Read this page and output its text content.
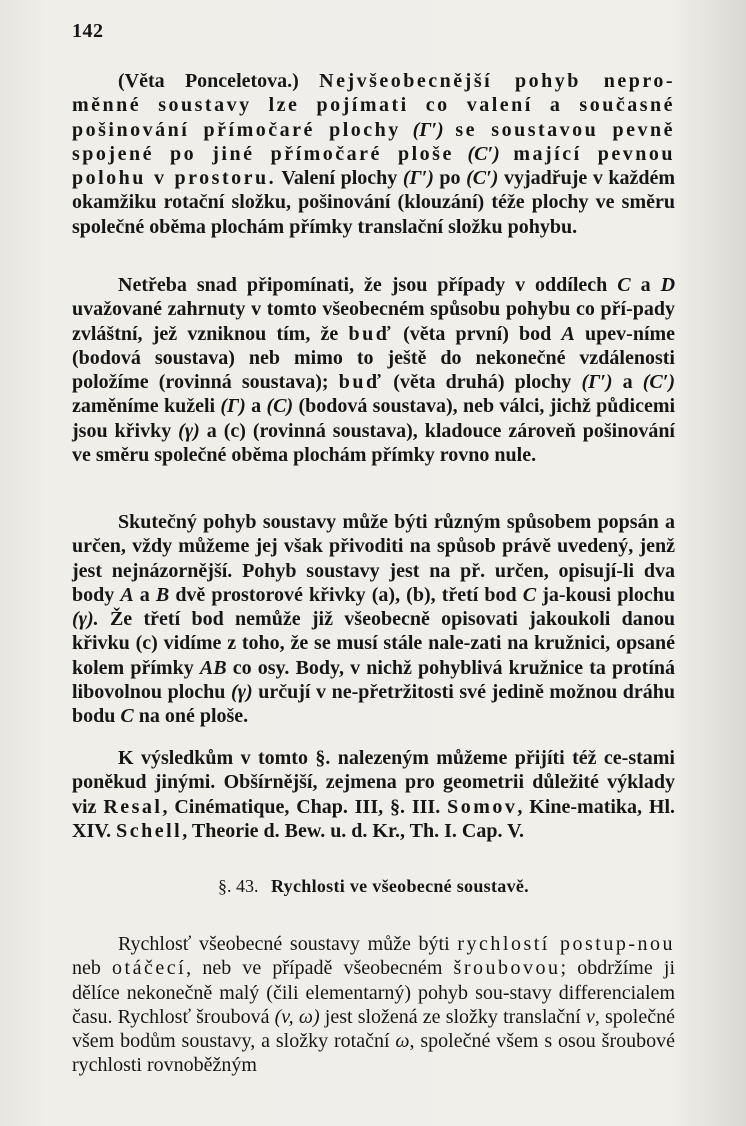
142

(Věta Ponceletova.) Nejvšeobecnější pohyb nepro-měnné soustavy lze pojímati co valení a současné pošinování přímočaré plochy (Γ′) se soustavou pevně spojené po jiné přímočaré ploše (C′) mající pevnou polohu v prostoru. Valení plochy (Γ′) po (C′) vyjadřuje v každém okamžiku rotační složku, pošinování (klouzání) téže plochy ve směru společné oběma plochám přímky translační složku pohybu.

Netřeba snad připomínati, že jsou případy v oddílech C a D uvažované zahrnuty v tomto všeobecném spůsobu pohybu co pří-pady zvláštní, jež vzniknou tím, že buď (věta první) bod A upev-níme (bodová soustava) neb mimo to ještě do nekonečné vzdálenosti položíme (rovinná soustava); buď (věta druhá) plochy (Γ′) a (C′) zaměníme kuželi (Γ) a (C) (bodová soustava), neb válci, jichž půdicemi jsou křivky (γ) a (c) (rovinná soustava), kladouce zároveň pošinování ve směru společné oběma plochám přímky rovno nule.

Skutečný pohyb soustavy může býti různým spůsobem popsán a určen, vždy můžeme jej však přivoditi na spůsob právě uvedený, jenž jest nejnázornější. Pohyb soustavy jest na př. určen, opisují-li dva body A a B dvě prostorové křivky (a), (b), třetí bod C ja-kousi plochu (γ). Že třetí bod nemůže již všeobecně opisovati jakoukoli danou křivku (c) vidíme z toho, že se musí stále nale-zati na kružnici, opsané kolem přímky AB co osy. Body, v nichž pohyblivá kružnice ta protíná libovolnou plochu (γ) určují v ne-přetržitosti své jedině možnou dráhu bodu C na oné ploše.

K výsledkům v tomto §. nalezeným můžeme přijíti též ce-stami poněkud jinými. Obšírnější, zejmena pro geometrii důležité výklady viz Resal, Cinématique, Chap. III, §. III. Somov, Kine-matika, Hl. XIV. Schell, Theorie d. Bew. u. d. Kr., Th. I. Cap. V.

§. 43. Rychlosti ve všeobecné soustavě.

Rychlosť všeobecné soustavy může býti rychlostí postup-nou neb otáčecí, neb ve případě všeobecném šroubovou; obdržíme ji dělíce nekonečně malý (čili elementarný) pohyb sou-stavy differencialem času. Rychlosť šroubová (v, ω) jest složená ze složky translační v, společné všem bodům soustavy, a složky rotační ω, společné všem s osou šroubové rychlosti rovnoběžným
